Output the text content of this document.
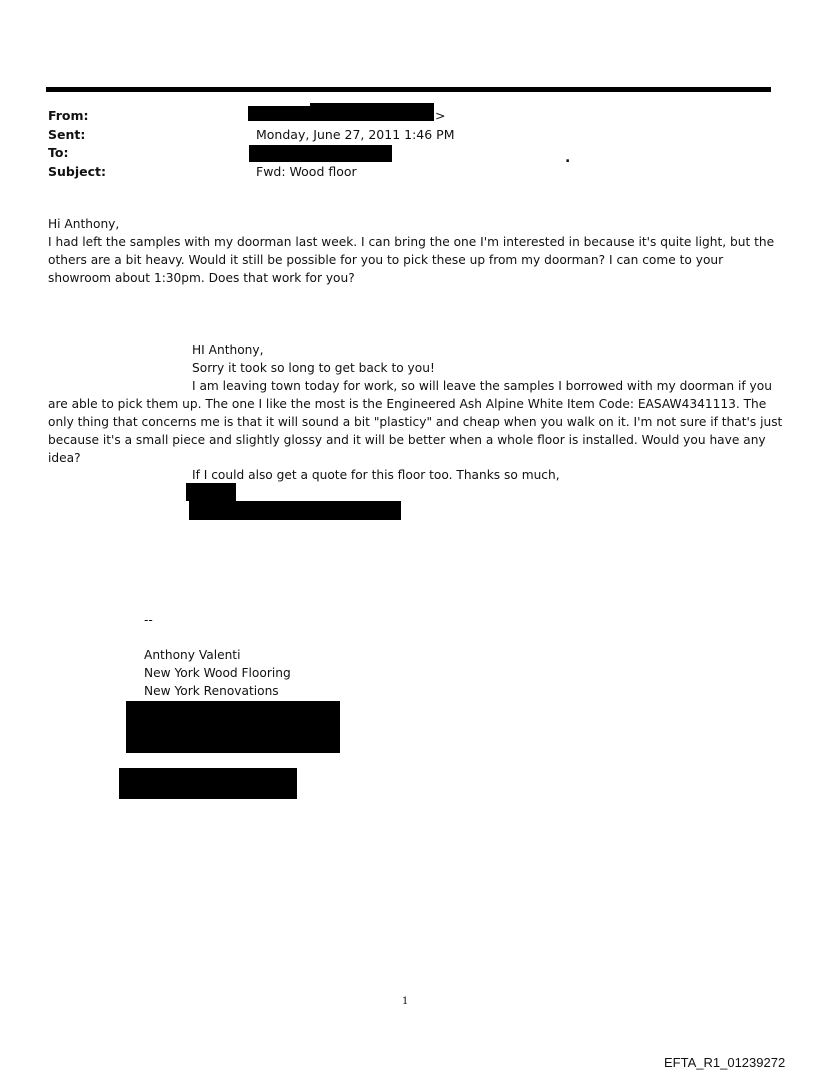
From:	>
Sent:	Monday, June 27, 2011 1:46 PM
To:
Subject:	Fwd: Wood floor
.
Hi Anthony,
I had left the samples with my doorman last week. I can bring the one I'm interested in because it's quite light, but the
others are a bit heavy. Would it still be possible for you to pick these up from my doorman? I can come to your
showroom about 1:30pm. Does that work for you?
HI Anthony,
Sorry it took so long to get back to you!
I am leaving town today for work, so will leave the samples I borrowed with my doorman if you
are able to pick them up. The one I like the most is the Engineered Ash Alpine White Item Code: EASAW4341113. The
only thing that concerns me is that it will sound a bit "plasticy" and cheap when you walk on it. I'm not sure if that's just
because it's a small piece and slightly glossy and it will be better when a whole floor is installed. Would you have any
idea?
If I could also get a quote for this floor too. Thanks so much,
--
Anthony Valenti
New York Wood Flooring
New York Renovations
1
EFTA_R1_01239272
